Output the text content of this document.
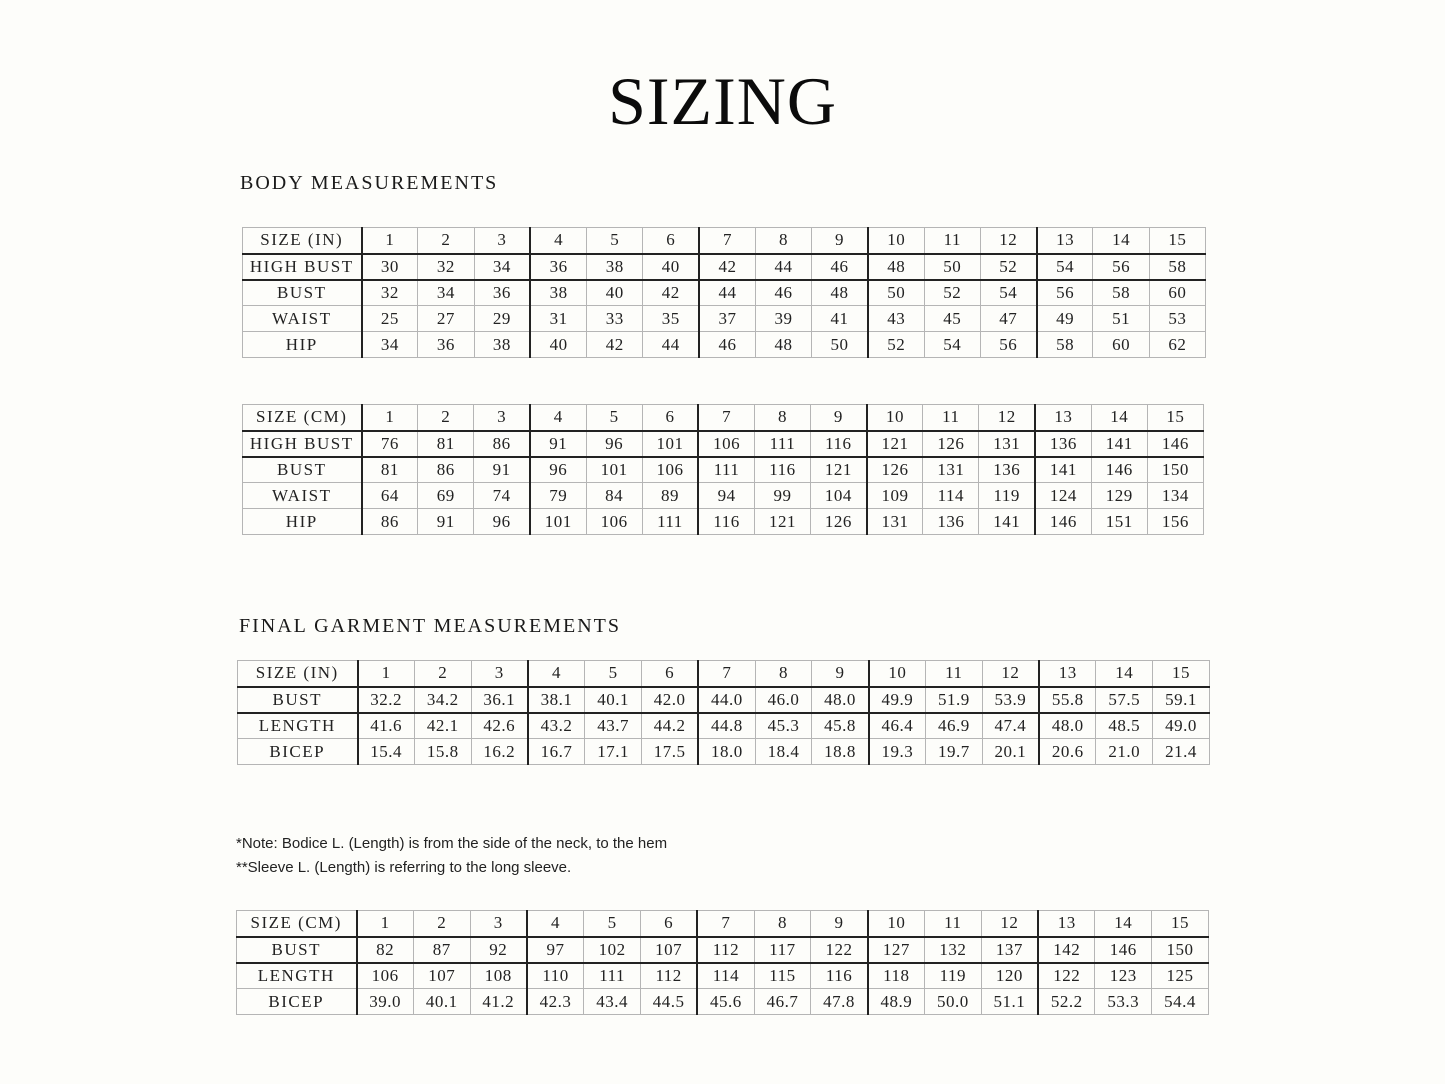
SIZING
BODY MEASUREMENTS
SIZE (IN)	1	2	3	4	5	6	7	8	9	10	11	12	13	14	15
HIGH BUST	30	32	34	36	38	40	42	44	46	48	50	52	54	56	58
BUST	32	34	36	38	40	42	44	46	48	50	52	54	56	58	60
WAIST	25	27	29	31	33	35	37	39	41	43	45	47	49	51	53
HIP	34	36	38	40	42	44	46	48	50	52	54	56	58	60	62
SIZE (CM)	1	2	3	4	5	6	7	8	9	10	11	12	13	14	15
HIGH BUST	76	81	86	91	96	101	106	111	116	121	126	131	136	141	146
BUST	81	86	91	96	101	106	111	116	121	126	131	136	141	146	150
WAIST	64	69	74	79	84	89	94	99	104	109	114	119	124	129	134
HIP	86	91	96	101	106	111	116	121	126	131	136	141	146	151	156
FINAL GARMENT MEASUREMENTS
SIZE (IN)	1	2	3	4	5	6	7	8	9	10	11	12	13	14	15
BUST	32.2	34.2	36.1	38.1	40.1	42.0	44.0	46.0	48.0	49.9	51.9	53.9	55.8	57.5	59.1
LENGTH	41.6	42.1	42.6	43.2	43.7	44.2	44.8	45.3	45.8	46.4	46.9	47.4	48.0	48.5	49.0
BICEP	15.4	15.8	16.2	16.7	17.1	17.5	18.0	18.4	18.8	19.3	19.7	20.1	20.6	21.0	21.4
*Note: Bodice L. (Length) is from the side of the neck, to the hem
**Sleeve L. (Length) is referring to the long sleeve.
SIZE (CM)	1	2	3	4	5	6	7	8	9	10	11	12	13	14	15
BUST	82	87	92	97	102	107	112	117	122	127	132	137	142	146	150
LENGTH	106	107	108	110	111	112	114	115	116	118	119	120	122	123	125
BICEP	39.0	40.1	41.2	42.3	43.4	44.5	45.6	46.7	47.8	48.9	50.0	51.1	52.2	53.3	54.4
